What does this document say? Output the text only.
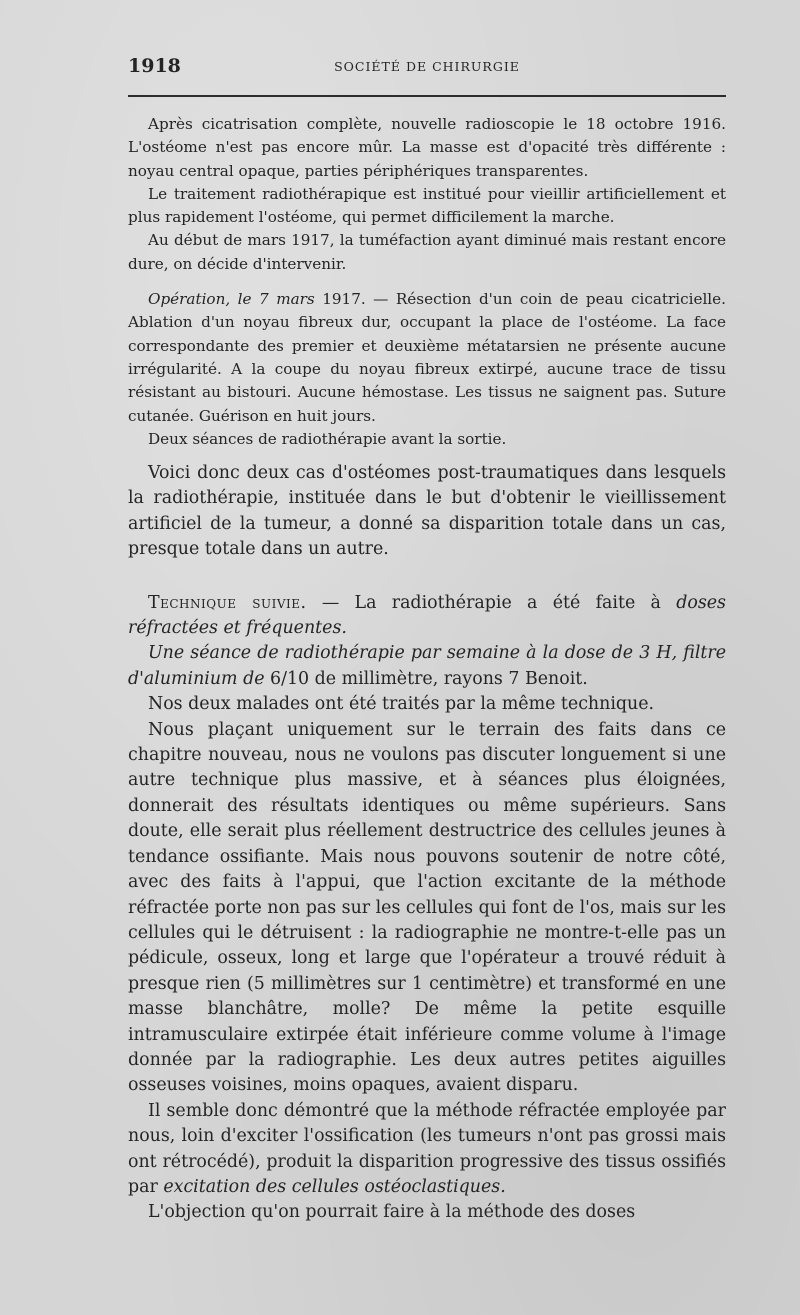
1918	SOCIÉTÉ DE CHIRURGIE

Après cicatrisation complète, nouvelle radioscopie le 18 octobre 1916. L'ostéome n'est pas encore mûr. La masse est d'opacité très différente : noyau central opaque, parties périphériques transparentes.

Le traitement radiothérapique est institué pour vieillir artificiellement et plus rapidement l'ostéome, qui permet difficilement la marche.

Au début de mars 1917, la tuméfaction ayant diminué mais restant encore dure, on décide d'intervenir.

Opération, le 7 mars 1917. — Résection d'un coin de peau cicatricielle. Ablation d'un noyau fibreux dur, occupant la place de l'ostéome. La face correspondante des premier et deuxième métatarsien ne présente aucune irrégularité. A la coupe du noyau fibreux extirpé, aucune trace de tissu résistant au bistouri. Aucune hémostase. Les tissus ne saignent pas. Suture cutanée. Guérison en huit jours.

Deux séances de radiothérapie avant la sortie.

Voici donc deux cas d'ostéomes post-traumatiques dans lesquels la radiothérapie, instituée dans le but d'obtenir le vieillissement artificiel de la tumeur, a donné sa disparition totale dans un cas, presque totale dans un autre.

Technique suivie. — La radiothérapie a été faite à doses réfractées et fréquentes.

Une séance de radiothérapie par semaine à la dose de 3 H, filtre d'aluminium de 6/10 de millimètre, rayons 7 Benoit.

Nos deux malades ont été traités par la même technique.

Nous plaçant uniquement sur le terrain des faits dans ce chapitre nouveau, nous ne voulons pas discuter longuement si une autre technique plus massive, et à séances plus éloignées, donnerait des résultats identiques ou même supérieurs. Sans doute, elle serait plus réellement destructrice des cellules jeunes à tendance ossifiante. Mais nous pouvons soutenir de notre côté, avec des faits à l'appui, que l'action excitante de la méthode réfractée porte non pas sur les cellules qui font de l'os, mais sur les cellules qui le détruisent : la radiographie ne montre-t-elle pas un pédicule, osseux, long et large que l'opérateur a trouvé réduit à presque rien (5 millimètres sur 1 centimètre) et transformé en une masse blanchâtre, molle? De même la petite esquille intramusculaire extirpée était inférieure comme volume à l'image donnée par la radiographie. Les deux autres petites aiguilles osseuses voisines, moins opaques, avaient disparu.

Il semble donc démontré que la méthode réfractée employée par nous, loin d'exciter l'ossification (les tumeurs n'ont pas grossi mais ont rétrocédé), produit la disparition progressive des tissus ossifiés par excitation des cellules ostéoclastiques.

L'objection qu'on pourrait faire à la méthode des doses
